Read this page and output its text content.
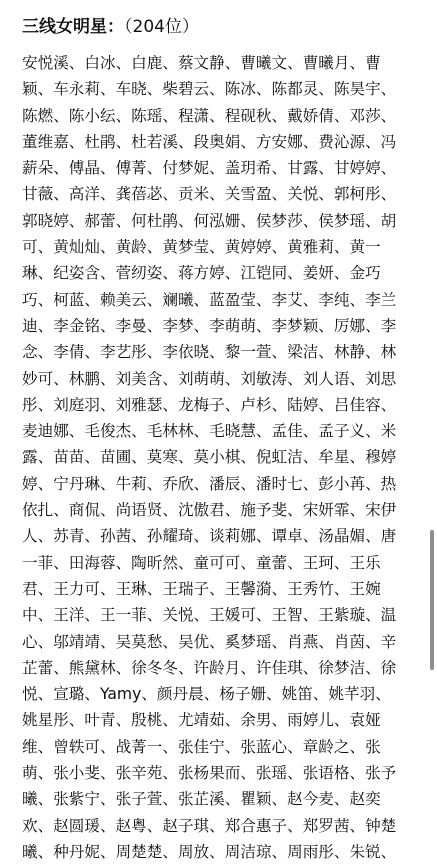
三线女明星：（204位）
安悦溪、白冰、白鹿、蔡文静、曹曦文、曹曦月、曹
颖、车永莉、车晓、柴碧云、陈冰、陈都灵、陈昊宇、
陈燃、陈小纭、陈瑶、程潇、程砚秋、戴娇倩、邓莎、
董维嘉、杜鹃、杜若溪、段奥娟、方安娜、费沁源、冯
薪朵、傅晶、傅菁、付梦妮、盖玥希、甘露、甘婷婷、
甘薇、高洋、龚蓓苾、贡米、关雪盈、关悦、郭柯彤、
郭晓婷、郝蕾、何杜鹃、何泓姗、侯梦莎、侯梦瑶、胡
可、黄灿灿、黄龄、黄梦莹、黄婷婷、黄雅莉、黄一
琳、纪姿含、菅纫姿、蒋方婷、江铠同、姜妍、金巧
巧、柯蓝、赖美云、斓曦、蓝盈莹、李艾、李纯、李兰
迪、李金铭、李曼、李梦、李萌萌、李梦颖、厉娜、李
念、李倩、李艺彤、李依晓、黎一萱、梁洁、林静、林
妙可、林鹏、刘美含、刘萌萌、刘敏涛、刘人语、刘思
彤、刘庭羽、刘雅瑟、龙梅子、卢杉、陆婷、吕佳容、
麦迪娜、毛俊杰、毛林林、毛晓慧、孟佳、孟子义、米
露、苗苗、苗圃、莫寒、莫小棋、倪虹洁、牟星、穆婷
婷、宁丹琳、牛莉、乔欣、潘辰、潘时七、彭小苒、热
依扎、商侃、尚语贤、沈傲君、施予斐、宋妍霏、宋伊
人、苏青、孙茜、孙耀琦、谈莉娜、谭卓、汤晶媚、唐
一菲、田海蓉、陶昕然、童可可、童蕾、王珂、王乐
君、王力可、王琳、王瑞子、王馨漪、王秀竹、王婉
中、王洋、王一菲、关悦、王媛可、王智、王紫璇、温
心、邬靖靖、吴莫愁、吴优、奚梦瑶、肖燕、肖茵、辛
芷蕾、熊黛林、徐冬冬、许龄月、许佳琪、徐梦洁、徐
悦、宣璐、Yamy、颜丹晨、杨子姗、姚笛、姚芊羽、
姚星彤、叶青、殷桃、尤靖茹、余男、雨婷儿、袁娅
维、曾轶可、战菁一、张佳宁、张蓝心、章龄之、张
萌、张小斐、张辛苑、张杨果而、张瑶、张语格、张予
曦、张紫宁、张子萱、张芷溪、瞿颖、赵今麦、赵奕
欢、赵圆瑗、赵粤、赵子琪、郑合惠子、郑罗茜、钟楚
曦、种丹妮、周楚楚、周放、周洁琼、周雨彤、朱锐、
